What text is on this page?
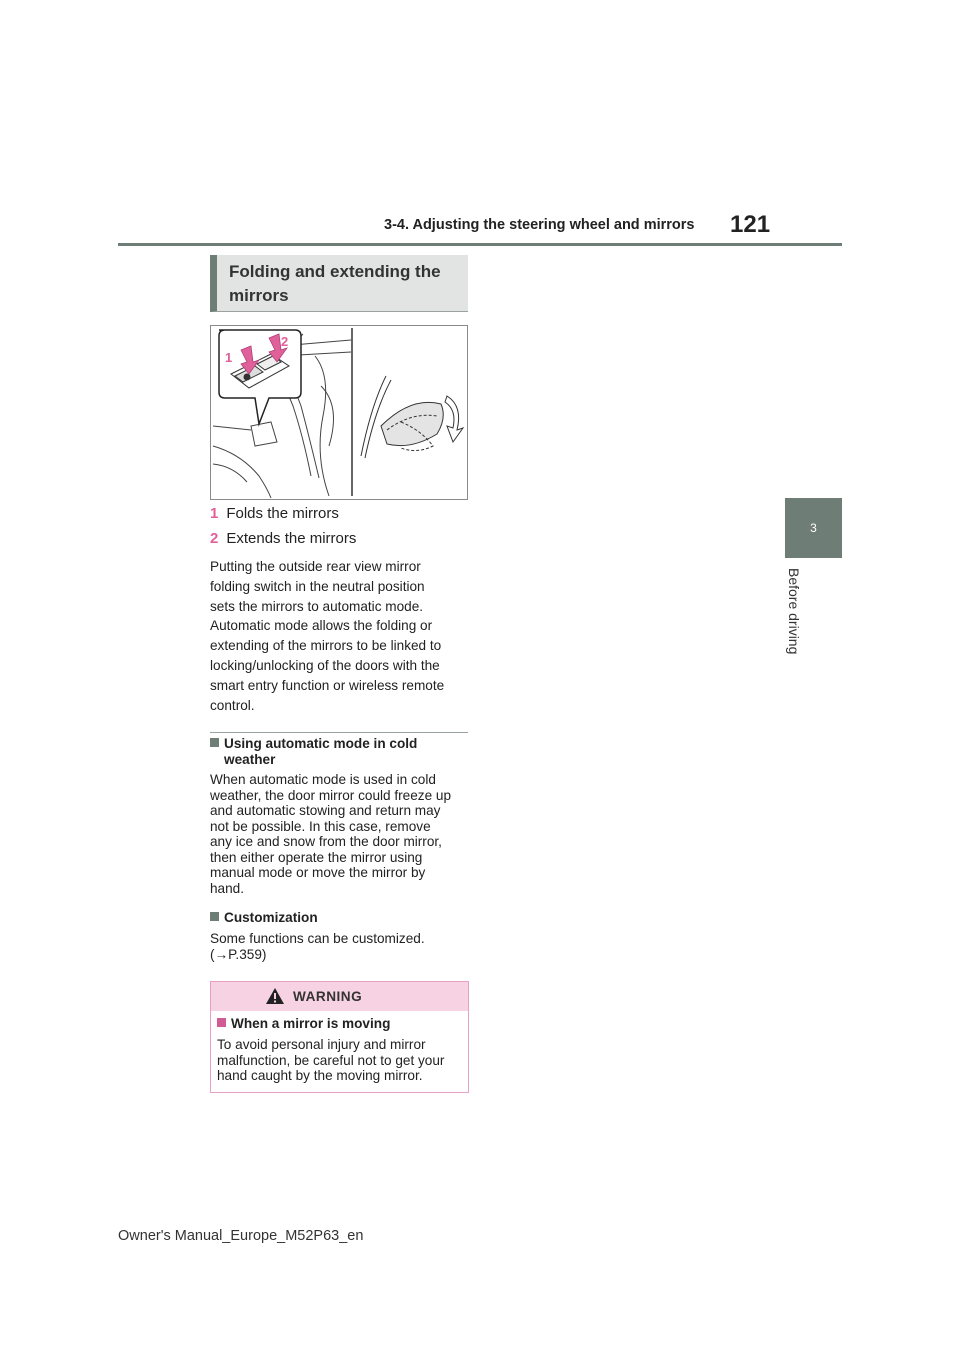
3-4. Adjusting the steering wheel and mirrors 121
3
Before driving
Folding and extending the mirrors
1
2
1 Folds the mirrors
2 Extends the mirrors
Putting the outside rear view mirror
folding switch in the neutral position
sets the mirrors to automatic mode.
Automatic mode allows the folding or
extending of the mirrors to be linked to
locking/unlocking of the doors with the
smart entry function or wireless remote
control.
Using automatic mode in cold
weather
When automatic mode is used in cold
weather, the door mirror could freeze up
and automatic stowing and return may
not be possible. In this case, remove
any ice and snow from the door mirror,
then either operate the mirror using
manual mode or move the mirror by
hand.
Customization
Some functions can be customized.
(→P.359)
WARNING
When a mirror is moving
To avoid personal injury and mirror
malfunction, be careful not to get your
hand caught by the moving mirror.
Owner's Manual_Europe_M52P63_en
